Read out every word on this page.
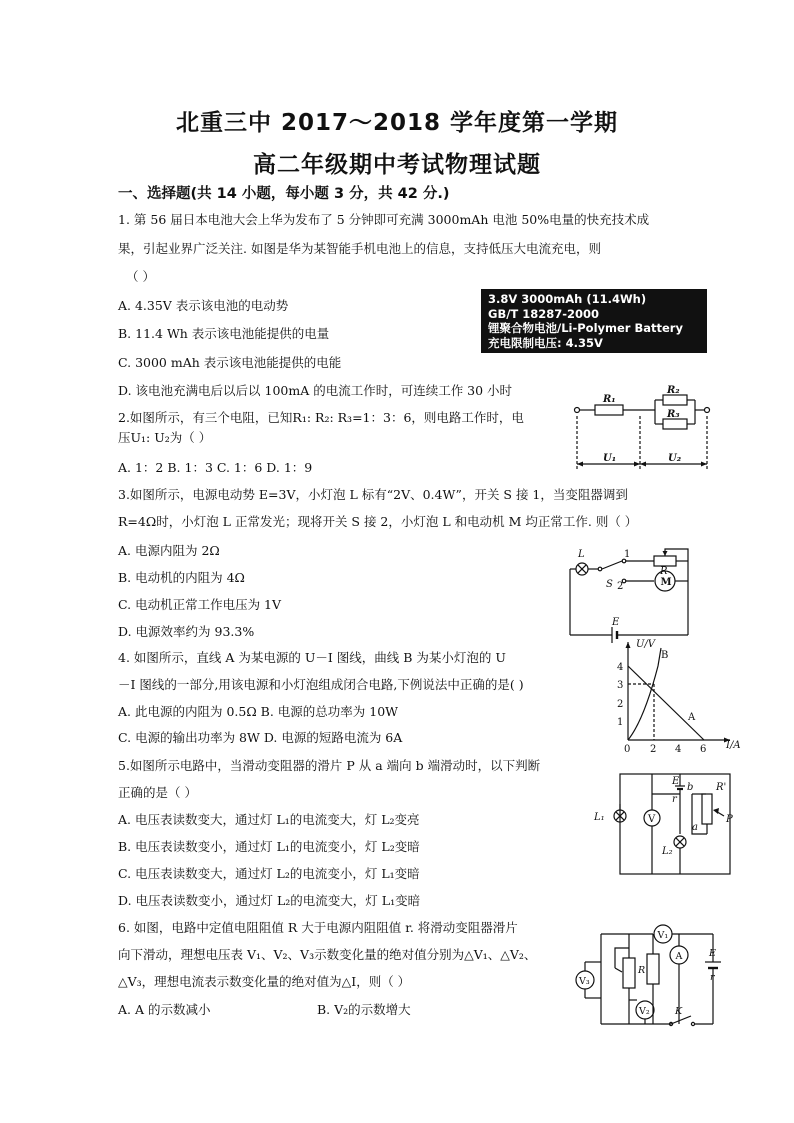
北重三中 2017～2018 学年度第一学期
高二年级期中考试物理试题
一、选择题(共 14 小题，每小题 3 分，共 42 分.)
1. 第 56 届日本电池大会上华为发布了 5 分钟即可充满 3000mAh 电池 50%电量的快充技术成
果，引起业界广泛关注. 如图是华为某智能手机电池上的信息，支持低压大电流充电，则
（ ）
A. 4.35V 表示该电池的电动势
B. 11.4 Wh 表示该电池能提供的电量
C. 3000 mAh 表示该电池能提供的电能
D. 该电池充满电后以后以 100mA 的电流工作时，可连续工作 30 小时
3.8V 3000mAh (11.4Wh)
GB/T 18287-2000
锂聚合物电池/Li-Polymer Battery
充电限制电压: 4.35V
2.如图所示，有三个电阻，已知R₁: R₂: R₃=1：3：6，则电路工作时，电
压U₁: U₂为（ ）
A. 1：2 B. 1：3 C. 1：6 D. 1：9
R₁
R₂
R₃
U₁	U₂
3.如图所示，电源电动势 E=3V，小灯泡 L 标有“2V、0.4W”，开关 S 接 1，当变阻器调到
R=4Ω时，小灯泡 L 正常发光；现将开关 S 接 2，小灯泡 L 和电动机 M 均正常工作. 则（ ）
A. 电源内阻为 2Ω
B. 电动机的内阻为 4Ω
C. 电动机正常工作电压为 1V
D. 电源效率约为 93.3%
L
S
R
E
1
2	M
4. 如图所示，直线 A 为某电源的 U－I 图线，曲线 B 为某小灯泡的 U
－I 图线的一部分,用该电源和小灯泡组成闭合电路,下例说法中正确的是( )
A. 此电源的内阻为 0.5Ω B. 电源的总功率为 10W
C. 电源的输出功率为 8W D. 电源的短路电流为 6A
U/V
I/A
4
3
2
1
0 2 4 6
A
B
5.如图所示电路中，当滑动变阻器的滑片 P 从 a 端向 b 端滑动时，以下判断
正确的是（ ）
A. 电压表读数变大，通过灯 L₁的电流变大，灯 L₂变亮
B. 电压表读数变小，通过灯 L₁的电流变小，灯 L₂变暗
C. 电压表读数变大，通过灯 L₂的电流变小，灯 L₁变暗
D. 电压表读数变小，通过灯 L₂的电流变大，灯 L₁变暗
E
r
b
a
R'
P
L₁
L₂
V
6. 如图，电路中定值电阻阻值 R 大于电源内阻阻值 r. 将滑动变阻器滑片
向下滑动，理想电压表 V₁、V₂、V₃示数变化量的绝对值分别为△V₁、△V₂、
△V₃，理想电流表示数变化量的绝对值为△I，则（ ）
A. A 的示数减小	B. V₂的示数增大
V₁
V₃
V₂
A
R
E
r
K
